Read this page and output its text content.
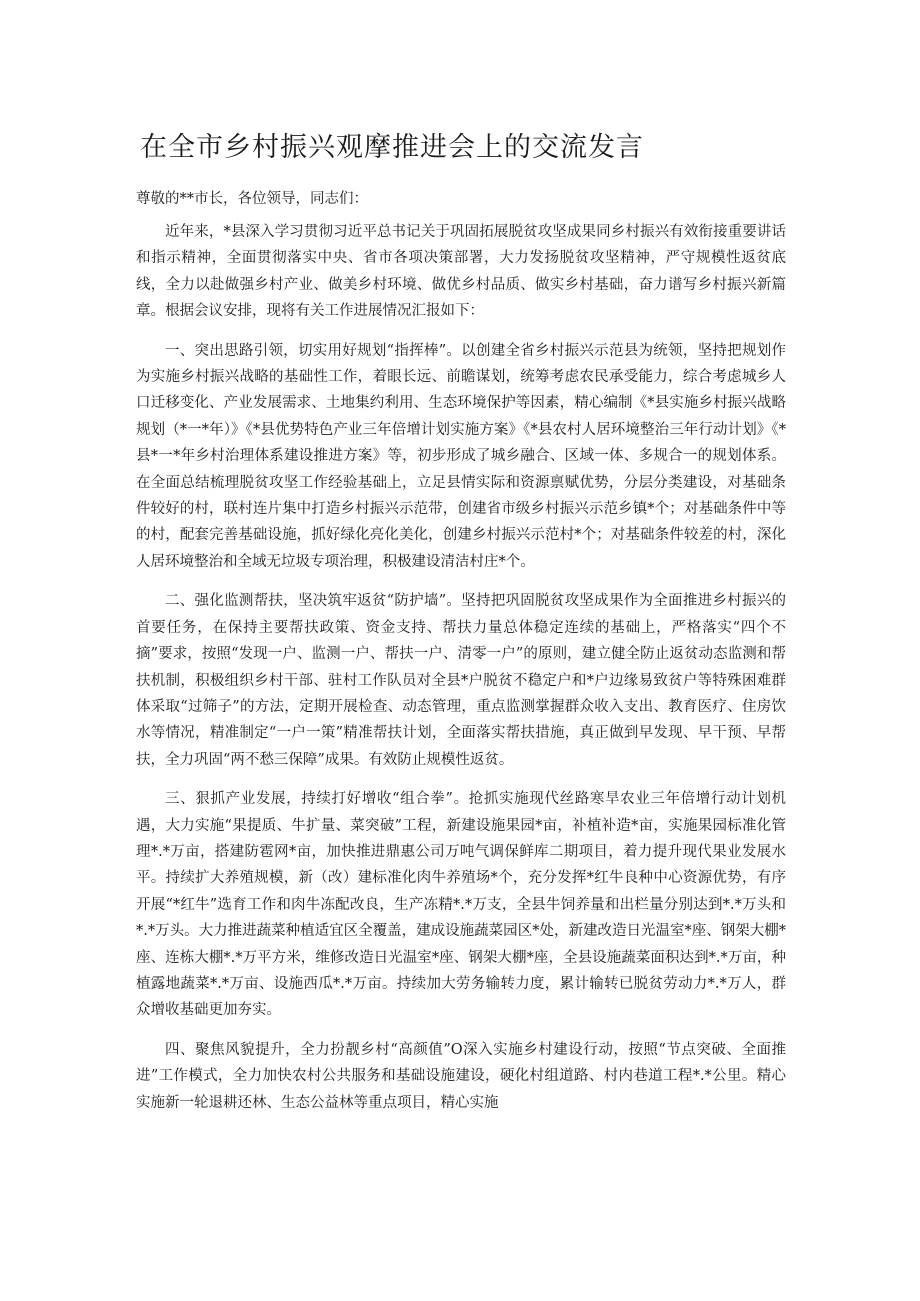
在全市乡村振兴观摩推进会上的交流发言

尊敬的**市长，各位领导，同志们：

近年来，*县深入学习贯彻习近平总书记关于巩固拓展脱贫攻坚成果同乡村振兴有效衔接重要讲话和指示精神，全面贯彻落实中央、省市各项决策部署，大力发扬脱贫攻坚精神，严守规模性返贫底线，全力以赴做强乡村产业、做美乡村环境、做优乡村品质、做实乡村基础，奋力谱写乡村振兴新篇章。根据会议安排，现将有关工作进展情况汇报如下：

一、突出思路引领，切实用好规划“指挥棒”。以创建全省乡村振兴示范县为统领，坚持把规划作为实施乡村振兴战略的基础性工作，着眼长远、前瞻谋划，统筹考虑农民承受能力，综合考虑城乡人口迁移变化、产业发展需求、土地集约利用、生态环境保护等因素，精心编制《*县实施乡村振兴战略规划（*一*年）》《*县优势特色产业三年倍增计划实施方案》《*县农村人居环境整治三年行动计划》《*县*一*年乡村治理体系建设推进方案》等，初步形成了城乡融合、区域一体、多规合一的规划体系。在全面总结梳理脱贫攻坚工作经验基础上，立足县情实际和资源禀赋优势，分层分类建设，对基础条件较好的村，联村连片集中打造乡村振兴示范带，创建省市级乡村振兴示范乡镇*个；对基础条件中等的村，配套完善基础设施，抓好绿化亮化美化，创建乡村振兴示范村*个；对基础条件较差的村，深化人居环境整治和全域无垃圾专项治理，积极建设清洁村庄*个。

二、强化监测帮扶，坚决筑牢返贫“防护墙”。坚持把巩固脱贫攻坚成果作为全面推进乡村振兴的首要任务，在保持主要帮扶政策、资金支持、帮扶力量总体稳定连续的基础上，严格落实“四个不摘”要求，按照“发现一户、监测一户、帮扶一户、清零一户”的原则，建立健全防止返贫动态监测和帮扶机制，积极组织乡村干部、驻村工作队员对全县*户脱贫不稳定户和*户边缘易致贫户等特殊困难群体采取“过筛子”的方法，定期开展检查、动态管理，重点监测掌握群众收入支出、教育医疗、住房饮水等情况，精准制定“一户一策”精准帮扶计划，全面落实帮扶措施，真正做到早发现、早干预、早帮扶，全力巩固“两不愁三保障”成果。有效防止规模性返贫。

三、狠抓产业发展，持续打好增收“组合拳”。抢抓实施现代丝路寒旱农业三年倍增行动计划机遇，大力实施“果提质、牛扩量、菜突破”工程，新建设施果园*亩，补植补造*亩，实施果园标准化管理*.*万亩，搭建防雹网*亩，加快推进鼎惠公司万吨气调保鲜库二期项目，着力提升现代果业发展水平。持续扩大养殖规模，新（改）建标准化肉牛养殖场*个，充分发挥*红牛良种中心资源优势，有序开展“*红牛”选育工作和肉牛冻配改良，生产冻精*.*万支，全县牛饲养量和出栏量分别达到*.*万头和*.*万头。大力推进蔬菜种植适宜区全覆盖，建成设施蔬菜园区*处，新建改造日光温室*座、钢架大棚*座、连栋大棚*.*万平方米，维修改造日光温室*座、钢架大棚*座，全县设施蔬菜面积达到*.*万亩，种植露地蔬菜*.*万亩、设施西瓜*.*万亩。持续加大劳务输转力度，累计输转已脱贫劳动力*.*万人，群众增收基础更加夯实。

四、聚焦风貌提升，全力扮靓乡村“高颜值”O深入实施乡村建设行动，按照“节点突破、全面推进”工作模式，全力加快农村公共服务和基础设施建设，硬化村组道路、村内巷道工程*.*公里。精心实施新一轮退耕还林、生态公益林等重点项目，精心实施
